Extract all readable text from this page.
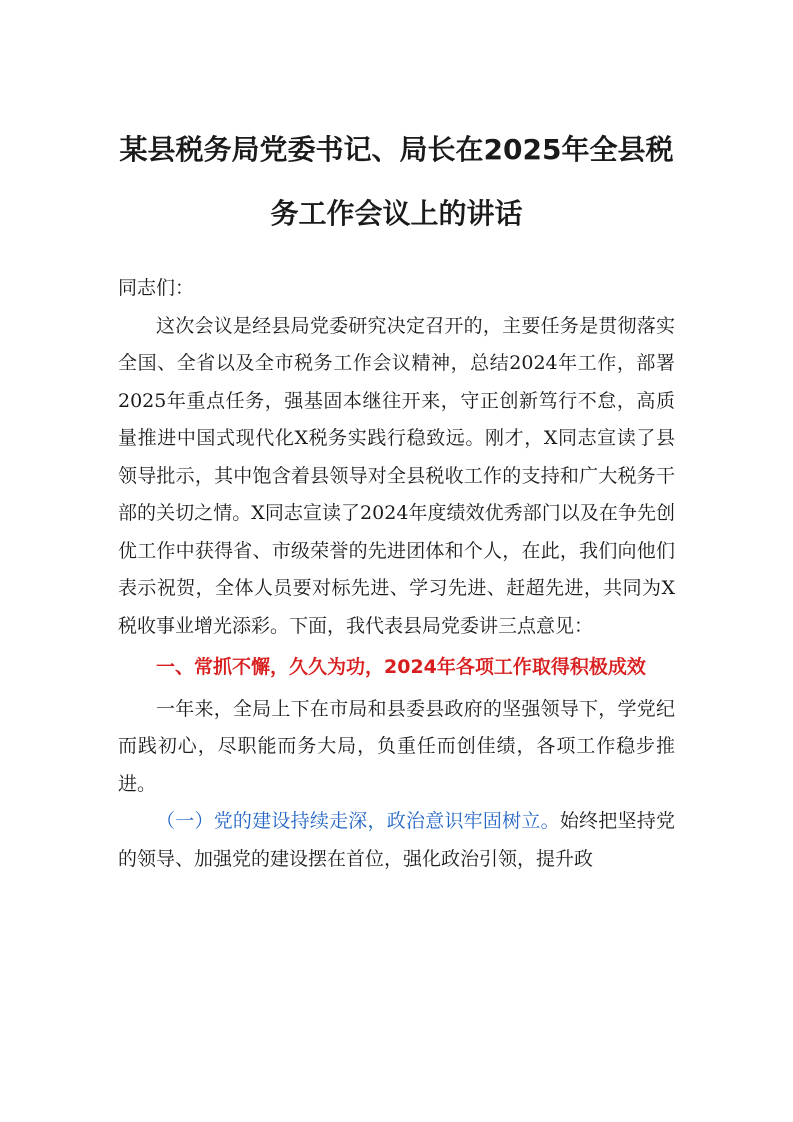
某县税务局党委书记、局长在2025年全县税
务工作会议上的讲话

同志们：

这次会议是经县局党委研究决定召开的，主要任务是贯彻落实全国、全省以及全市税务工作会议精神，总结2024年工作，部署2025年重点任务，强基固本继往开来，守正创新笃行不怠，高质量推进中国式现代化X税务实践行稳致远。刚才，X同志宣读了县领导批示，其中饱含着县领导对全县税收工作的支持和广大税务干部的关切之情。X同志宣读了2024年度绩效优秀部门以及在争先创优工作中获得省、市级荣誉的先进团体和个人，在此，我们向他们表示祝贺，全体人员要对标先进、学习先进、赶超先进，共同为X税收事业增光添彩。下面，我代表县局党委讲三点意见：

一、常抓不懈，久久为功，2024年各项工作取得积极成效

一年来，全局上下在市局和县委县政府的坚强领导下，学党纪而践初心，尽职能而务大局，负重任而创佳绩，各项工作稳步推进。

（一）党的建设持续走深，政治意识牢固树立。始终把坚持党的领导、加强党的建设摆在首位，强化政治引领，提升政
